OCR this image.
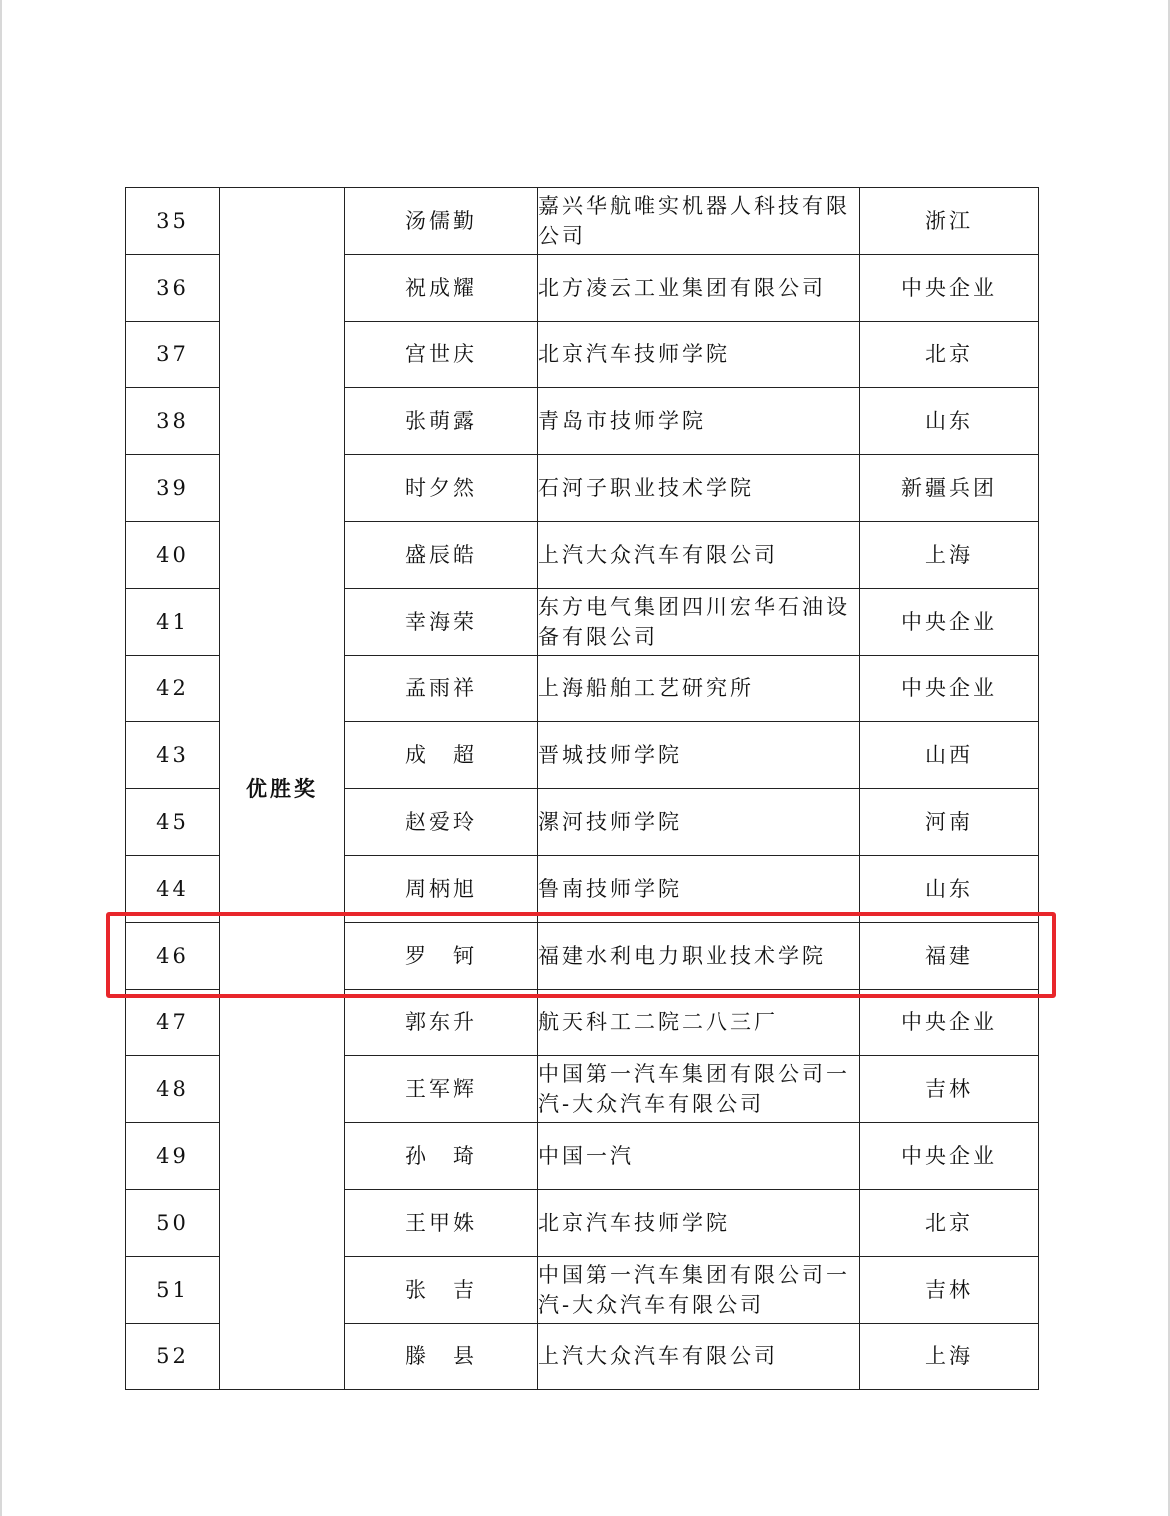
35	优胜奖	汤儒勤	嘉兴华航唯实机器人科技有限公司	浙江
36		祝成耀	北方凌云工业集团有限公司	中央企业
37		宫世庆	北京汽车技师学院	北京
38		张萌露	青岛市技师学院	山东
39		时夕然	石河子职业技术学院	新疆兵团
40		盛辰皓	上汽大众汽车有限公司	上海
41		幸海荣	东方电气集团四川宏华石油设备有限公司	中央企业
42		孟雨祥	上海船舶工艺研究所	中央企业
43		成　超	晋城技师学院	山西
45		赵爱玲	漯河技师学院	河南
44		周柄旭	鲁南技师学院	山东
46		罗　钶	福建水利电力职业技术学院	福建
47		郭东升	航天科工二院二八三厂	中央企业
48		王军辉	中国第一汽车集团有限公司一汽-大众汽车有限公司	吉林
49		孙　琦	中国一汽	中央企业
50		王甲姝	北京汽车技师学院	北京
51		张　吉	中国第一汽车集团有限公司一汽-大众汽车有限公司	吉林
52		滕　县	上汽大众汽车有限公司	上海
